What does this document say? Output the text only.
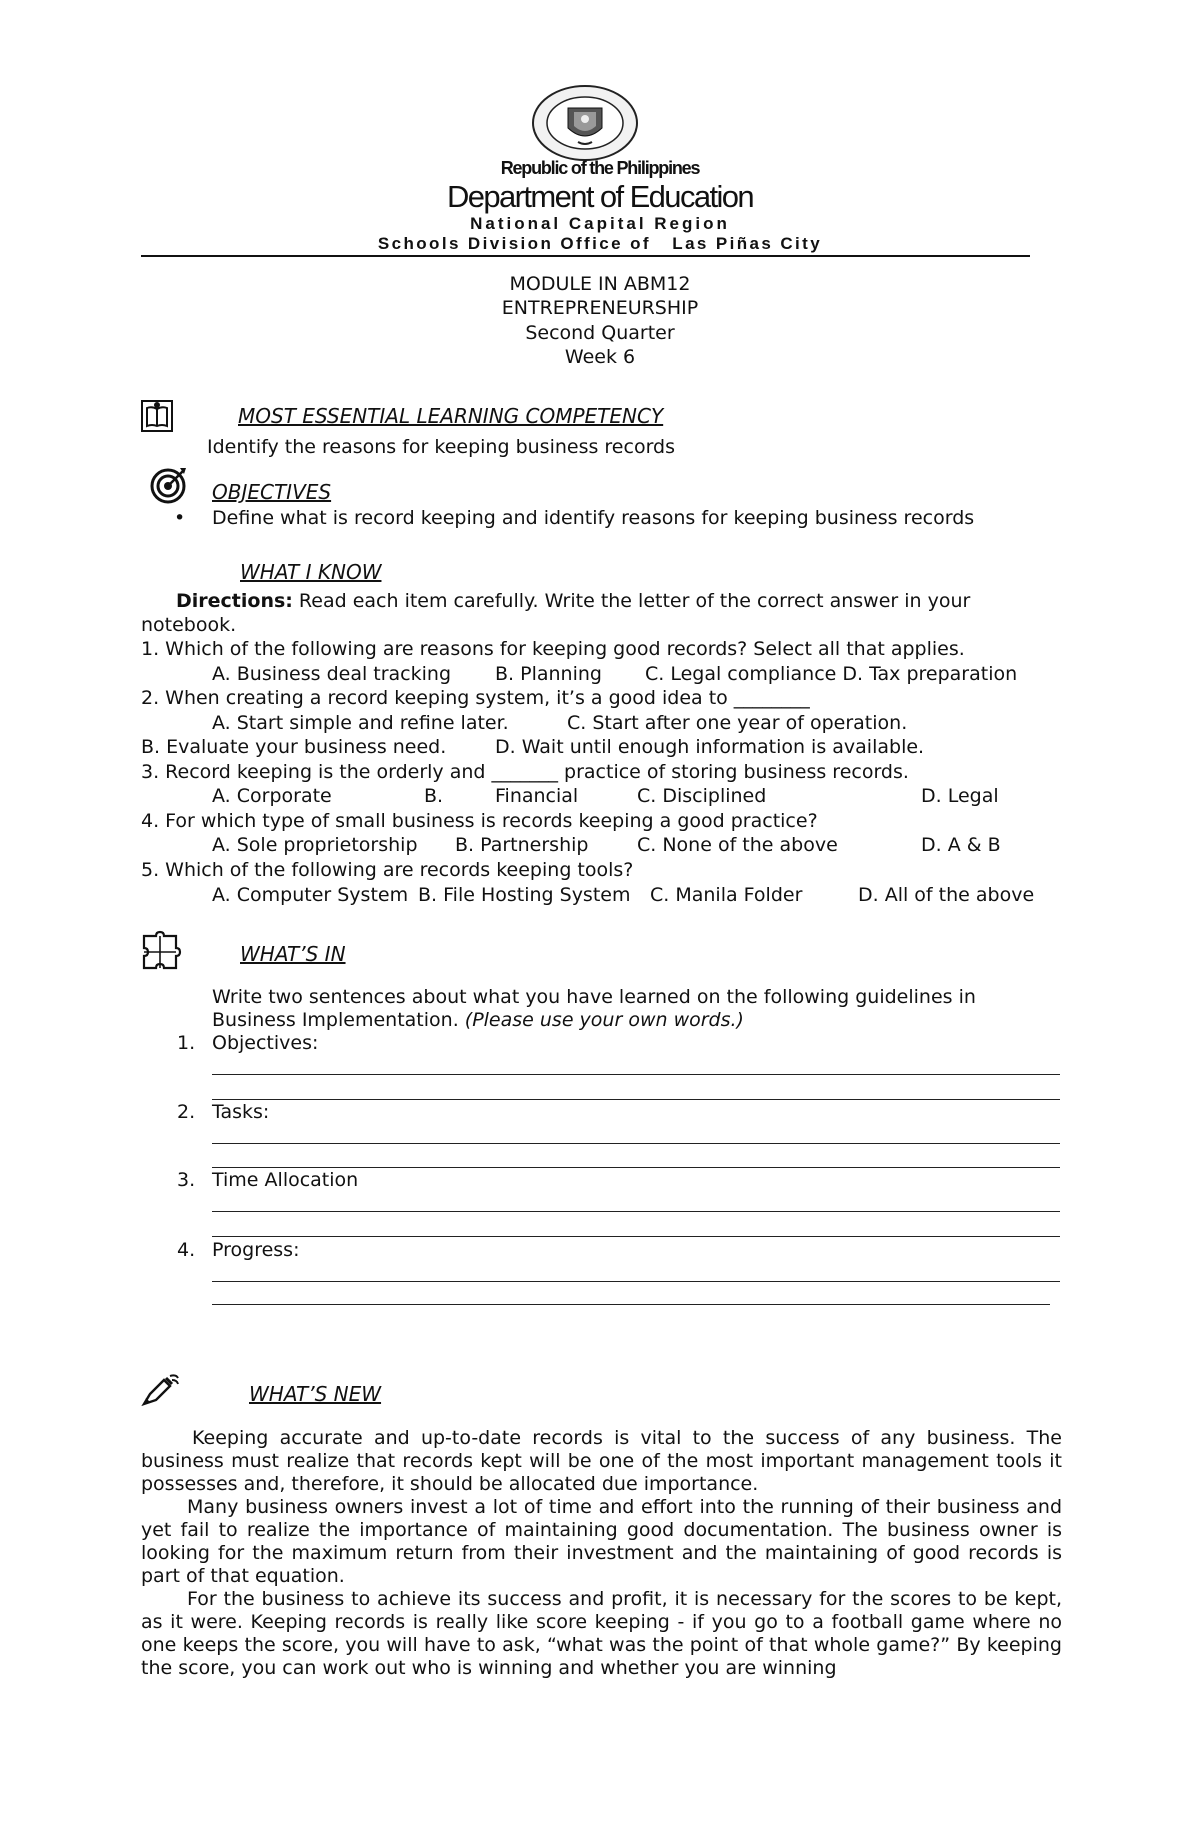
Republic of the Philippines
Department of Education
National Capital Region
Schools Division Office of   Las Piñas City
MODULE IN ABM12
ENTREPRENEURSHIP
Second Quarter
Week 6
MOST ESSENTIAL LEARNING COMPETENCY
Identify the reasons for keeping business records
OBJECTIVES
• Define what is record keeping and identify reasons for keeping business records
WHAT I KNOW
Directions: Read each item carefully. Write the letter of the correct answer in your
notebook.
1. Which of the following are reasons for keeping good records? Select all that applies.
A. Business deal tracking B. Planning C. Legal compliance D. Tax preparation
2. When creating a record keeping system, it’s a good idea to ________
A. Start simple and refine later.	C. Start after one year of operation.
B. Evaluate your business need.	D. Wait until enough information is available.
3. Record keeping is the orderly and _______ practice of storing business records.
A. Corporate	B.	Financial	C. Disciplined	D. Legal
4. For which type of small business is records keeping a good practice?
A. Sole proprietorship B. Partnership	C. None of the above	D. A & B
5. Which of the following are records keeping tools?
A. Computer System B. File Hosting System C. Manila Folder	D. All of the above
WHAT’S IN
Write two sentences about what you have learned on the following guidelines in
Business Implementation. (Please use your own words.)
1. Objectives:
2. Tasks:
3. Time Allocation
4. Progress:
WHAT’S NEW
Keeping accurate and up-to-date records is vital to the success of any business. The business must realize that records kept will be one of the most important management tools it possesses and, therefore, it should be allocated due importance.
Many business owners invest a lot of time and effort into the running of their business and yet fail to realize the importance of maintaining good documentation. The business owner is looking for the maximum return from their investment and the maintaining of good records is part of that equation.
For the business to achieve its success and profit, it is necessary for the scores to be kept, as it were. Keeping records is really like score keeping - if you go to a football game where no one keeps the score, you will have to ask, “what was the point of that whole game?” By keeping the score, you can work out who is winning and whether you are winning
